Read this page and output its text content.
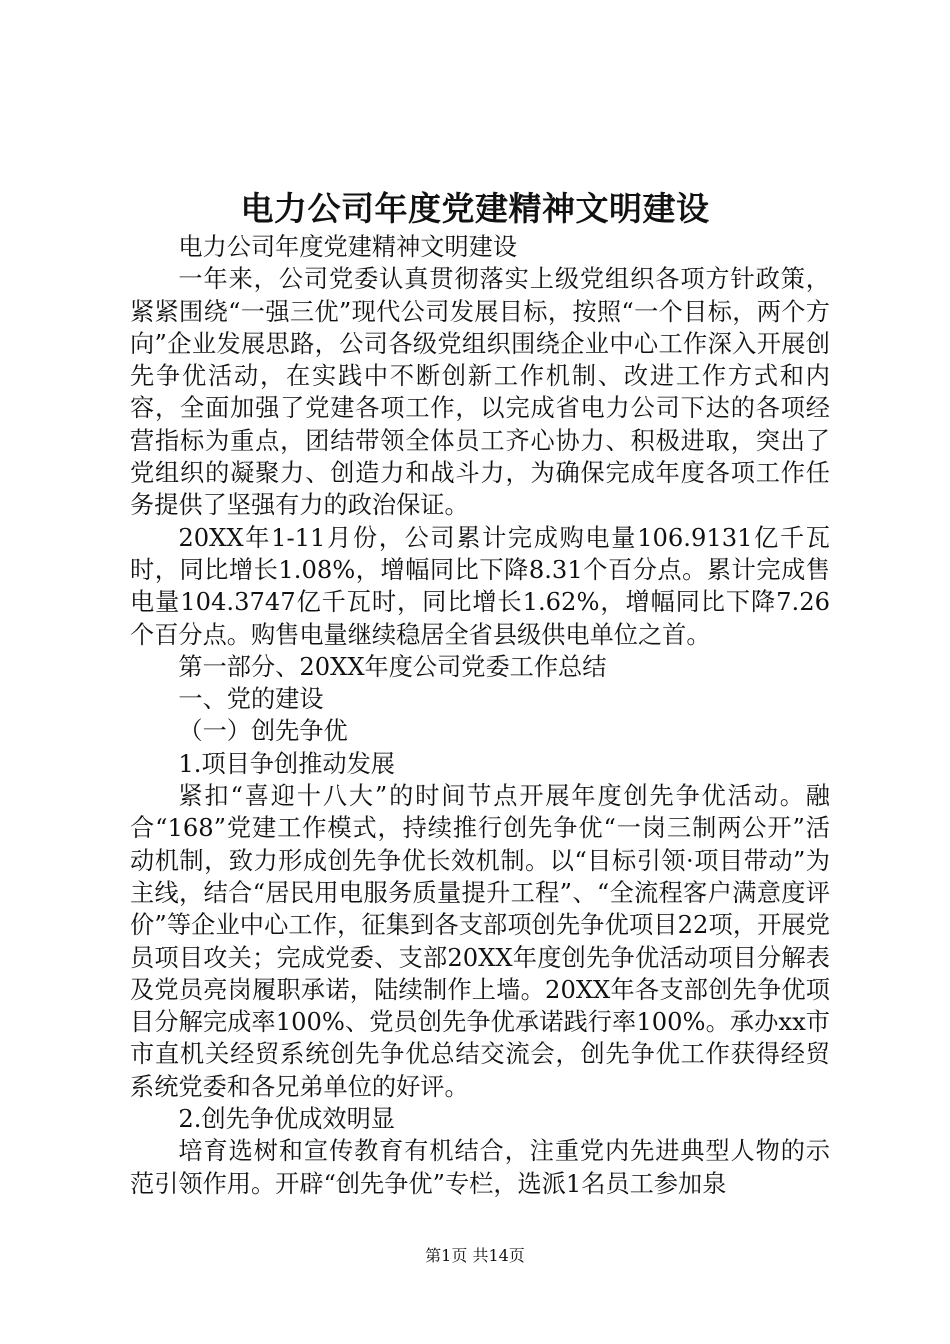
电力公司年度党建精神文明建设

电力公司年度党建精神文明建设

一年来，公司党委认真贯彻落实上级党组织各项方针政策，紧紧围绕“一强三优”现代公司发展目标，按照“一个目标，两个方向”企业发展思路，公司各级党组织围绕企业中心工作深入开展创先争优活动，在实践中不断创新工作机制、改进工作方式和内容，全面加强了党建各项工作，以完成省电力公司下达的各项经营指标为重点，团结带领全体员工齐心协力、积极进取，突出了党组织的凝聚力、创造力和战斗力，为确保完成年度各项工作任务提供了坚强有力的政治保证。

20XX年1-11月份，公司累计完成购电量106.9131亿千瓦时，同比增长1.08%，增幅同比下降8.31个百分点。累计完成售电量104.3747亿千瓦时，同比增长1.62%，增幅同比下降7.26个百分点。购售电量继续稳居全省县级供电单位之首。

第一部分、20XX年度公司党委工作总结

一、党的建设

（一）创先争优

1.项目争创推动发展

紧扣“喜迎十八大”的时间节点开展年度创先争优活动。融合“168”党建工作模式，持续推行创先争优“一岗三制两公开”活动机制，致力形成创先争优长效机制。以“目标引领·项目带动”为主线，结合“居民用电服务质量提升工程”、“全流程客户满意度评价”等企业中心工作，征集到各支部项创先争优项目22项，开展党员项目攻关；完成党委、支部20XX年度创先争优活动项目分解表及党员亮岗履职承诺，陆续制作上墙。20XX年各支部创先争优项目分解完成率100%、党员创先争优承诺践行率100%。承办xx市市直机关经贸系统创先争优总结交流会，创先争优工作获得经贸系统党委和各兄弟单位的好评。

2.创先争优成效明显

培育选树和宣传教育有机结合，注重党内先进典型人物的示范引领作用。开辟“创先争优”专栏，选派1名员工参加泉

第1页 共14页
